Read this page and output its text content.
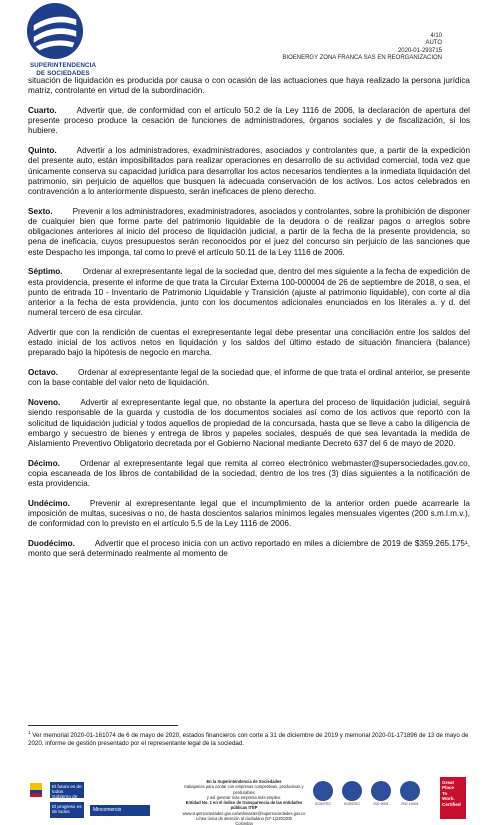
SUPERINTENDENCIA
DE SOCIEDADES
4/10
AUTO
2020-01-293715
BIOENERGY ZONA FRANCA SAS EN REORGANIZACION

situación de liquidación es producida por causa o con ocasión de las actuaciones que haya realizado la persona jurídica matriz, controlante en virtud de la subordinación.

Cuarto. Advertir que, de conformidad con el artículo 50.2 de la Ley 1116 de 2006, la declaración de apertura del presente proceso produce la cesación de funciones de administradores, órganos sociales y de fiscalización, si los hubiere.

Quinto. Advertir a los administradores, exadministradores, asociados y controlantes que, a partir de la expedición del presente auto, están imposibilitados para realizar operaciones en desarrollo de su actividad comercial, toda vez que únicamente conserva su capacidad jurídica para desarrollar los actos necesarios tendientes a la inmediata liquidación del patrimonio, sin perjuicio de aquellos que busquen la adecuada conservación de los activos. Los actos celebrados en contravención a lo anteriormente dispuesto, serán ineficaces de pleno derecho.

Sexto. Prevenir a los administradores, exadministradores, asociados y controlantes, sobre la prohibición de disponer de cualquier bien que forme parte del patrimonio liquidable de la deudora o de realizar pagos o arreglos sobre obligaciones anteriores al inicio del proceso de liquidación judicial, a partir de la fecha de la presente providencia, so pena de ineficacia, cuyos presupuestos serán reconocidos por el juez del concurso sin perjuicio de las sanciones que este Despacho les imponga, tal como lo prevé el artículo 50.11 de la Ley 1116 de 2006.

Séptimo. Ordenar al exrepresentante legal de la sociedad que, dentro del mes siguiente a la fecha de expedición de esta providencia, presente el informe de que trata la Circular Externa 100-000004 de 26 de septiembre de 2018, o sea, el punto de entrada 10 - Inventario de Patrimonio Liquidable y Transición (ajuste al patrimonio liquidable), con corte al día anterior a la fecha de esta providencia, junto con los documentos adicionales enunciados en los literales a. y d. del numeral tercero de esa circular.

Advertir que con la rendición de cuentas el exrepresentante legal debe presentar una conciliación entre los saldos del estado inicial de los activos netos en liquidación y los saldos del último estado de situación financiera (balance) preparado bajo la hipótesis de negocio en marcha.

Octavo. Ordenar al exrepresentante legal de la sociedad que, el informe de que trata el ordinal anterior, se presente con la base contable del valor neto de liquidación.

Noveno. Advertir al exrepresentante legal que, no obstante la apertura del proceso de liquidación judicial, seguirá siendo responsable de la guarda y custodia de los documentos sociales así como de los activos que reportó con la solicitud de liquidación judicial y todos aquellos de propiedad de la concursada, hasta que se lleve a cabo la diligencia de embargo y secuestro de bienes y entrega de libros y papeles sociales, después de que sea levantada la medida de Aislamiento Preventivo Obligatorio decretada por el Gobierno Nacional mediante Decreto 637 del 6 de mayo de 2020.

Décimo. Ordenar al exrepresentante legal que remita al correo electrónico webmaster@supersociedades.gov.co, copia escaneada de los libros de contabilidad de la sociedad, dentro de los tres (3) días siguientes a la notificación de esta providencia.

Undécimo. Prevenir al exrepresentante legal que el incumplimiento de la anterior orden puede acarrearle la imposición de multas, sucesivas o no, de hasta doscientos salarios mínimos legales mensuales vigentes (200 s.m.l.m.v.), de conformidad con lo previsto en el artículo 5.5 de la Ley 1116 de 2006.

Duodécimo. Advertir que el proceso inicia con un activo reportado en miles a diciembre de 2019 de $359.265.175¹, monto que será determinado realmente al momento de

$^1$ Ver memorial 2020-01-161074 de 6 de mayo de 2020, estados financieros con corte a 31 de diciembre de 2019 y memorial 2020-01-171896 de 13 de mayo de 2020, informe de gestión presentado por el representante legal de la sociedad.
El futuro es de todos
Gobierno de
El progreso es de todos	Mincomercio
En la Superintendencia de Sociedades
trabajamos para contar con empresas competitivas, productivas y perdurables
y así generar más empresa más empleo.
Entidad No. 1 en el índice de transparencia de las entidades públicas ITEP
www.supersociedades.gov.co/webmaster@supersociedades.gov.co
Línea única de atención al ciudadano (57-1)2201000
Colombia
ICONTEC	ICONTEC	ISO 9001	ISO 14001
Great
Place
To
Work.
Certified
